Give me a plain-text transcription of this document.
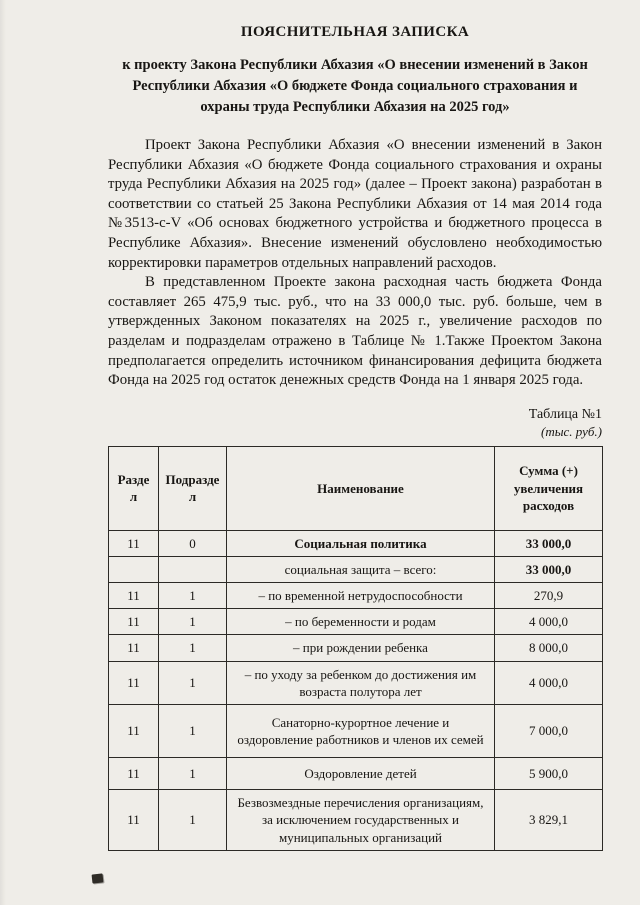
ПОЯСНИТЕЛЬНАЯ ЗАПИСКА
к проекту Закона Республики Абхазия «О внесении изменений в Закон Республики Абхазия «О бюджете Фонда социального страхования и охраны труда Республики Абхазия на 2025 год»

Проект Закона Республики Абхазия «О внесении изменений в Закон Республики Абхазия «О бюджете Фонда социального страхования и охраны труда Республики Абхазия на 2025 год» (далее – Проект закона) разработан в соответствии со статьей 25 Закона Республики Абхазия от 14 мая 2014 года №3513-с-V «Об основах бюджетного устройства и бюджетного процесса в Республике Абхазия». Внесение изменений обусловлено необходимостью корректировки параметров отдельных направлений расходов.

В представленном Проекте закона расходная часть бюджета Фонда составляет 265 475,9 тыс. руб., что на 33 000,0 тыс. руб. больше, чем в утвержденных Законом показателях на 2025 г., увеличение расходов по разделам и подразделам отражено в Таблице № 1.Также Проектом Закона предполагается определить источником финансирования дефицита бюджета Фонда на 2025 год остаток денежных средств Фонда на 1 января 2025 года.

Таблица №1
(тыс. руб.)
Раздел	Подраздел	Наименование	Сумма (+) увеличения расходов
11	0	Социальная политика	33 000,0
		социальная защита – всего:	33 000,0
11	1	– по временной нетрудоспособности	270,9
11	1	– по беременности и родам	4 000,0
11	1	– при рождении ребенка	8 000,0
11	1	– по уходу за ребенком до достижения им возраста полутора лет	4 000,0
11	1	Санаторно-курортное лечение и оздоровление работников и членов их семей	7 000,0
11	1	Оздоровление детей	5 900,0
11	1	Безвозмездные перечисления организациям, за исключением государственных и муниципальных организаций	3 829,1
